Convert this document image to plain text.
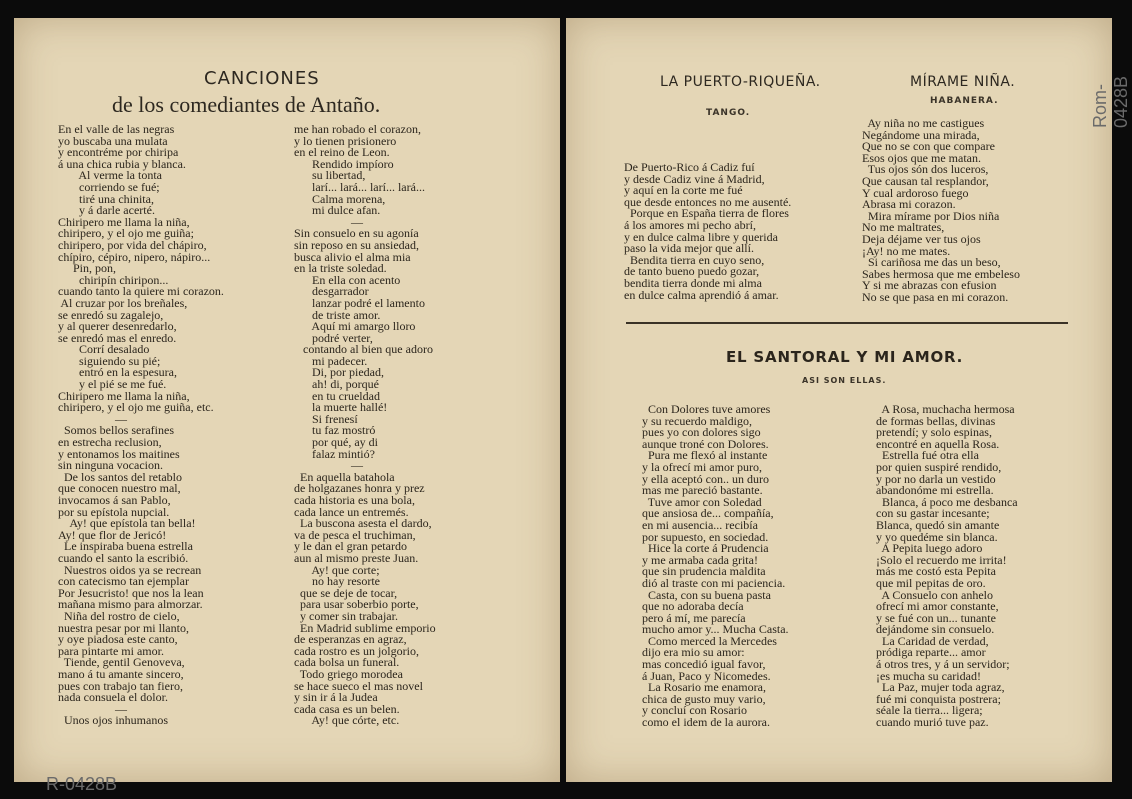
CANCIONES
de los comediantes de Antaño.
En el valle de las negras
yo buscaba una mulata
y encontréme por chiripa
á una chica rubia y blanca.
Al verme la tonta
corriendo se fué;
tiré una chinita,
y á darle acerté.
Chiripero me llama la niña,
chiripero, y el ojo me guiña;
chiripero, por vida del chápiro,
chípiro, cépiro, nipero, nápiro...
Pin, pon,
chiripín chiripon...
cuando tanto la quiere mi corazon.
Al cruzar por los breñales,
se enredó su zagalejo,
y al querer desenredarlo,
se enredó mas el enredo.
Corrí desalado
siguiendo su pié;
entró en la espesura,
y el pié se me fué.
Chiripero me llama la niña,
chiripero, y el ojo me guiña, etc.
—
Somos bellos serafines
en estrecha reclusion,
y entonamos los maitines
sin ninguna vocacion.
De los santos del retablo
que conocen nuestro mal,
invocamos á san Pablo,
por su epístola nupcial.
Ay! que epístola tan bella!
Ay! que flor de Jericó!
Le inspiraba buena estrella
cuando el santo la escribió.
Nuestros oidos ya se recrean
con catecismo tan ejemplar
Por Jesucristo! que nos la lean
mañana mismo para almorzar.
Niña del rostro de cielo,
nuestra pesar por mi llanto,
y oye piadosa este canto,
para pintarte mi amor.
Tiende, gentil Genoveva,
mano á tu amante sincero,
pues con trabajo tan fiero,
nada consuela el dolor.
—
Unos ojos inhumanos
me han robado el corazon,
y lo tienen prisionero
en el reino de Leon.
Rendido impíoro
su libertad,
larí... lará... larí... lará...
Calma morena,
mi dulce afan.
—
Sin consuelo en su agonía
sin reposo en su ansiedad,
busca alivio el alma mia
en la triste soledad.
En ella con acento
desgarrador
lanzar podré el lamento
de triste amor.
Aquí mi amargo lloro
podré verter,
contando al bien que adoro
mi padecer.
Di, por piedad,
ah! di, porqué
en tu crueldad
la muerte hallé!
Si frenesí
tu faz mostró
por qué, ay di
falaz mintió?
—
En aquella batahola
de holgazanes honra y prez
cada historia es una bola,
cada lance un entremés.
La buscona asesta el dardo,
va de pesca el truchiman,
y le dan el gran petardo
aun al mismo preste Juan.
Ay! que corte;
no hay resorte
que se deje de tocar,
para usar soberbio porte,
y comer sin trabajar.
En Madrid sublime emporio
de esperanzas en agraz,
cada rostro es un jolgorio,
cada bolsa un funeral.
Todo griego morodea
se hace sueco el mas novel
y sin ir á la Judea
cada casa es un belen.
Ay! que córte, etc.
R-0428B
LA PUERTO-RIQUEÑA.
TANGO.
De Puerto-Rico á Cadiz fuí
y desde Cadiz vine á Madrid,
y aquí en la corte me fué
que desde entonces no me ausenté.
Porque en España tierra de flores
á los amores mi pecho abrí,
y en dulce calma libre y querida
paso la vida mejor que allí.
Bendita tierra en cuyo seno,
de tanto bueno puedo gozar,
bendita tierra donde mi alma
en dulce calma aprendió á amar.
MÍRAME NIÑA.
HABANERA.
Ay niña no me castigues
Negándome una mirada,
Que no se con que compare
Esos ojos que me matan.
Tus ojos són dos luceros,
Que causan tal resplandor,
Y cual ardoroso fuego
Abrasa mi corazon.
Mira mírame por Dios niña
No me maltrates,
Deja déjame ver tus ojos
¡Ay! no me mates.
Si cariñosa me das un beso,
Sabes hermosa que me embeleso
Y si me abrazas con efusion
No se que pasa en mi corazon.
EL SANTORAL Y MI AMOR.
ASI SON ELLAS.
Con Dolores tuve amores
y su recuerdo maldigo,
pues yo con dolores sigo
aunque troné con Dolores.
Pura me flexó al instante
y la ofrecí mi amor puro,
y ella aceptó con.. un duro
mas me pareció bastante.
Tuve amor con Soledad
que ansiosa de... compañía,
en mi ausencia... recibía
por supuesto, en sociedad.
Hice la corte á Prudencia
y me armaba cada grita!
que sin prudencia maldita
dió al traste con mi paciencia.
Casta, con su buena pasta
que no adoraba decía
pero á mí, me parecía
mucho amor y... Mucha Casta.
Como merced la Mercedes
dijo era mio su amor:
mas concedió igual favor,
á Juan, Paco y Nicomedes.
La Rosario me enamora,
chica de gusto muy vario,
y concluí con Rosario
como el idem de la aurora.
A Rosa, muchacha hermosa
de formas bellas, divinas
pretendí; y solo espinas,
encontré en aquella Rosa.
Estrella fué otra ella
por quien suspiré rendido,
y por no darla un vestido
abandonóme mi estrella.
Blanca, á poco me desbanca
con su gastar incesante;
Blanca, quedó sin amante
y yo quedéme sin blanca.
A Pepita luego adoro
¡Solo el recuerdo me irrita!
más me costó esta Pepita
que mil pepitas de oro.
A Consuelo con anhelo
ofrecí mi amor constante,
y se fué con un... tunante
dejándome sin consuelo.
La Caridad de verdad,
pródiga reparte... amor
á otros tres, y á un servidor;
¡es mucha su caridad!
La Paz, mujer toda agraz,
fué mi conquista postrera;
séale la tierra... ligera;
cuando murió tuve paz.
Rom-0428B
